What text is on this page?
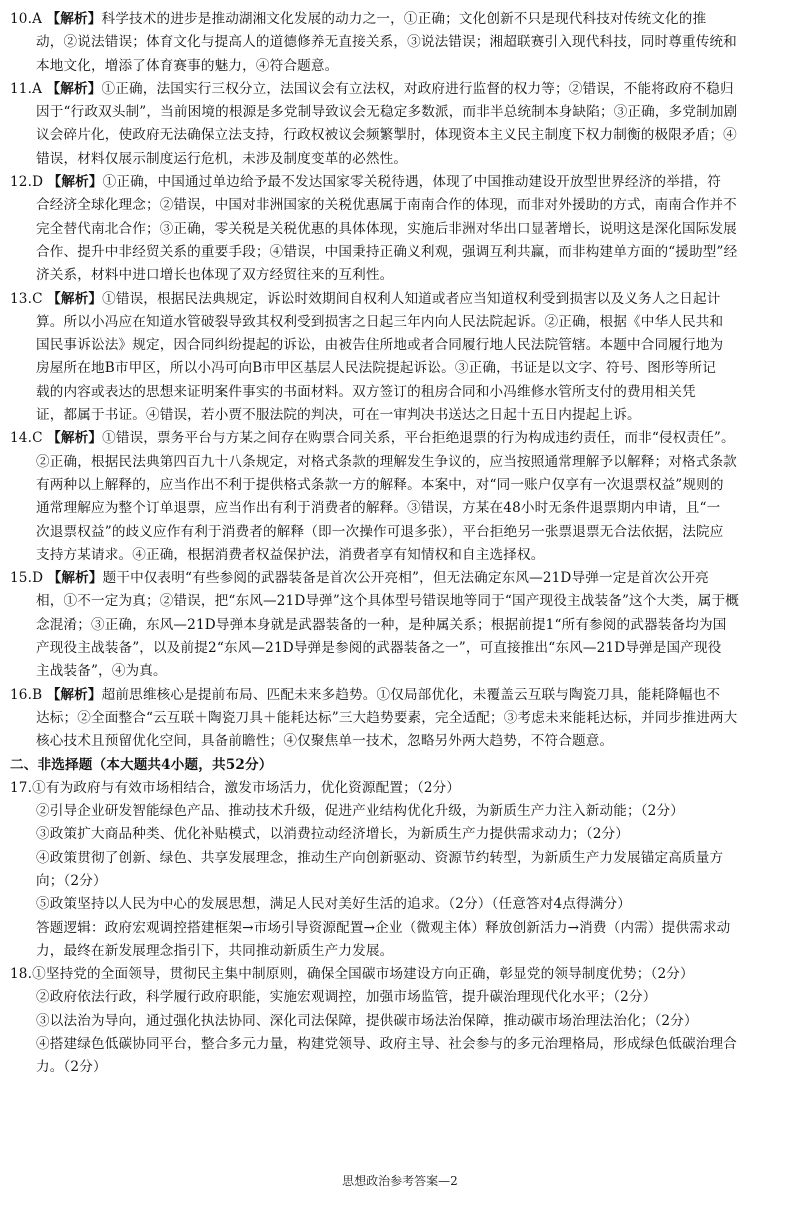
10.A 【解析】科学技术的进步是推动湖湘文化发展的动力之一，①正确；文化创新不只是现代科技对传统文化的推
动，②说法错误；体育文化与提高人的道德修养无直接关系，③说法错误；湘超联赛引入现代科技，同时尊重传统和
本地文化，增添了体育赛事的魅力，④符合题意。
11.A 【解析】①正确，法国实行三权分立，法国议会有立法权，对政府进行监督的权力等；②错误，不能将政府不稳归
因于“行政双头制”，当前困境的根源是多党制导致议会无稳定多数派，而非半总统制本身缺陷；③正确，多党制加剧
议会碎片化，使政府无法确保立法支持，行政权被议会频繁掣肘，体现资本主义民主制度下权力制衡的极限矛盾；④
错误，材料仅展示制度运行危机，未涉及制度变革的必然性。
12.D 【解析】①正确，中国通过单边给予最不发达国家零关税待遇，体现了中国推动建设开放型世界经济的举措，符
合经济全球化理念；②错误，中国对非洲国家的关税优惠属于南南合作的体现，而非对外援助的方式，南南合作并不
完全替代南北合作；③正确，零关税是关税优惠的具体体现，实施后非洲对华出口显著增长，说明这是深化国际发展
合作、提升中非经贸关系的重要手段；④错误，中国秉持正确义利观，强调互利共赢，而非构建单方面的“援助型”经
济关系，材料中进口增长也体现了双方经贸往来的互利性。
13.C 【解析】①错误，根据民法典规定，诉讼时效期间自权利人知道或者应当知道权利受到损害以及义务人之日起计
算。所以小冯应在知道水管破裂导致其权利受到损害之日起三年内向人民法院起诉。②正确，根据《中华人民共和
国民事诉讼法》规定，因合同纠纷提起的诉讼，由被告住所地或者合同履行地人民法院管辖。本题中合同履行地为
房屋所在地B市甲区，所以小冯可向B市甲区基层人民法院提起诉讼。③正确，书证是以文字、符号、图形等所记
载的内容或表达的思想来证明案件事实的书面材料。双方签订的租房合同和小冯维修水管所支付的费用相关凭
证，都属于书证。④错误，若小贾不服法院的判决，可在一审判决书送达之日起十五日内提起上诉。
14.C 【解析】①错误，票务平台与方某之间存在购票合同关系，平台拒绝退票的行为构成违约责任，而非“侵权责任”。
②正确，根据民法典第四百九十八条规定，对格式条款的理解发生争议的，应当按照通常理解予以解释；对格式条款
有两种以上解释的，应当作出不利于提供格式条款一方的解释。本案中，对“同一账户仅享有一次退票权益”规则的
通常理解应为整个订单退票，应当作出有利于消费者的解释。③错误，方某在48小时无条件退票期内申请，且“一
次退票权益”的歧义应作有利于消费者的解释（即一次操作可退多张），平台拒绝另一张票退票无合法依据，法院应
支持方某请求。④正确，根据消费者权益保护法，消费者享有知情权和自主选择权。
15.D 【解析】题干中仅表明“有些参阅的武器装备是首次公开亮相”，但无法确定东风—21D导弹一定是首次公开亮
相，①不一定为真；②错误，把“东风—21D导弹”这个具体型号错误地等同于“国产现役主战装备”这个大类，属于概
念混淆；③正确，东风—21D导弹本身就是武器装备的一种，是种属关系；根据前提1“所有参阅的武器装备均为国
产现役主战装备”，以及前提2“东风—21D导弹是参阅的武器装备之一”，可直接推出“东风—21D导弹是国产现役
主战装备”，④为真。
16.B 【解析】超前思维核心是提前布局、匹配未来多趋势。①仅局部优化，未覆盖云互联与陶瓷刀具，能耗降幅也不
达标；②全面整合“云互联＋陶瓷刀具＋能耗达标”三大趋势要素，完全适配；③考虑未来能耗达标，并同步推进两大
核心技术且预留优化空间，具备前瞻性；④仅聚焦单一技术，忽略另外两大趋势，不符合题意。
二、非选择题（本大题共4小题，共52分）
17.①有为政府与有效市场相结合，激发市场活力，优化资源配置；（2分）
②引导企业研发智能绿色产品、推动技术升级，促进产业结构优化升级，为新质生产力注入新动能；（2分）
③政策扩大商品种类、优化补贴模式，以消费拉动经济增长，为新质生产力提供需求动力；（2分）
④政策贯彻了创新、绿色、共享发展理念，推动生产向创新驱动、资源节约转型，为新质生产力发展锚定高质量方
向；（2分）
⑤政策坚持以人民为中心的发展思想，满足人民对美好生活的追求。（2分）（任意答对4点得满分）
答题逻辑：政府宏观调控搭建框架→市场引导资源配置→企业（微观主体）释放创新活力→消费（内需）提供需求动
力，最终在新发展理念指引下，共同推动新质生产力发展。
18.①坚持党的全面领导，贯彻民主集中制原则，确保全国碳市场建设方向正确，彰显党的领导制度优势；（2分）
②政府依法行政，科学履行政府职能，实施宏观调控，加强市场监管，提升碳治理现代化水平；（2分）
③以法治为导向，通过强化执法协同、深化司法保障，提供碳市场法治保障，推动碳市场治理法治化；（2分）
④搭建绿色低碳协同平台，整合多元力量，构建党领导、政府主导、社会参与的多元治理格局，形成绿色低碳治理合
力。（2分）
思想政治参考答案—2
